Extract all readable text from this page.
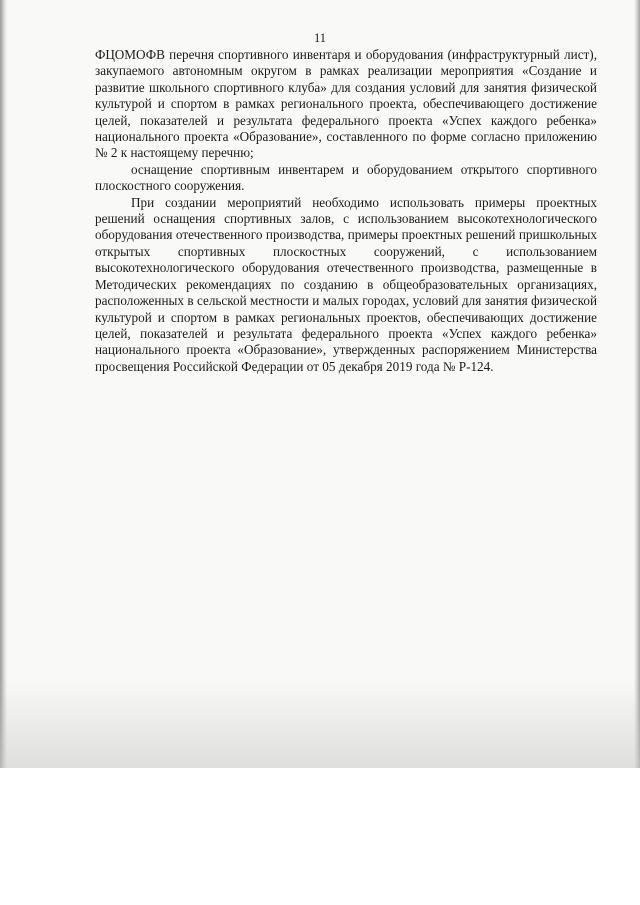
11

ФЦОМОФВ перечня спортивного инвентаря и оборудования (инфраструктурный лист), закупаемого автономным округом в рамках реализации мероприятия «Создание и развитие школьного спортивного клуба» для создания условий для занятия физической культурой и спортом в рамках регионального проекта, обеспечивающего достижение целей, показателей и результата федерального проекта «Успех каждого ребенка» национального проекта «Образование», составленного по форме согласно приложению № 2 к настоящему перечню;

оснащение спортивным инвентарем и оборудованием открытого спортивного плоскостного сооружения.

При создании мероприятий необходимо использовать примеры проектных решений оснащения спортивных залов, с использованием высокотехнологического оборудования отечественного производства, примеры проектных решений пришкольных открытых спортивных плоскостных сооружений, с использованием высокотехнологического оборудования отечественного производства, размещенные в Методических рекомендациях по созданию в общеобразовательных организациях, расположенных в сельской местности и малых городах, условий для занятия физической культурой и спортом в рамках региональных проектов, обеспечивающих достижение целей, показателей и результата федерального проекта «Успех каждого ребенка» национального проекта «Образование», утвержденных распоряжением Министерства просвещения Российской Федерации от 05 декабря 2019 года № Р-124.
